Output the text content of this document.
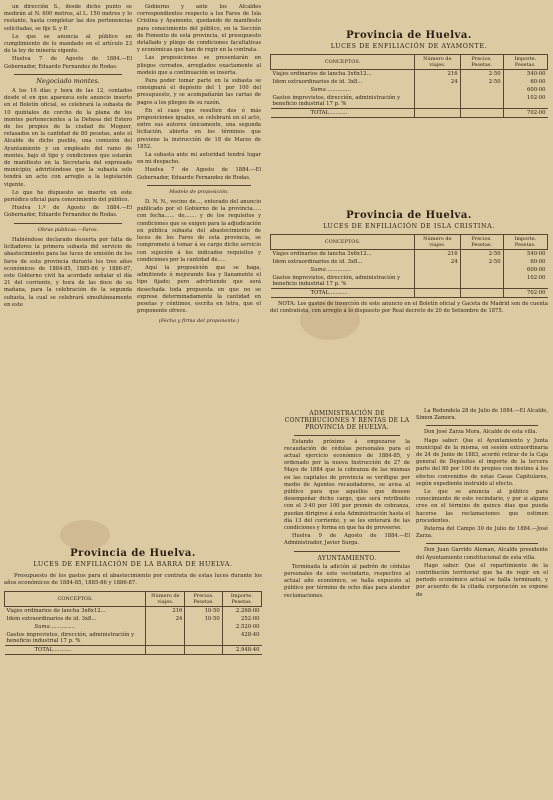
un dirección S., desde dicho punto se medirán al N. 600 metros, al L. 150 metros y lo restante, hasta completar las dos pertenencias solicitadas, se fije S. y P.

Lo que se anuncia al público en cumplimiento de lo mandado en el artículo 23 de la ley de minería vigente.

Huelva 7 de Agosto de 1884.—El Gobernador, Eduardo Fernandez de Rodas.

Negociado montes.

A los 10 días y hora de las 12, contados desde el en que aparezca este anuncio inserto en el Boletín oficial, se celebrará la subasta de 10 quintales de corcho de la plana de los montes pertenecientes a la Dehesa del Estero de los propios de la ciudad de Moguer, retasados en la cantidad de 80 pesetas, ante el Alcalde de dicho pueblo, una comisión del Ayuntamiento y un empleado del ramo de montes, bajo el tipo y condiciones que estarán de manifiesto en la Secretaría del expresado municipio; advirtiéndose que la subasta solo tendrá un acto con arreglo a la legislación vigente.

Lo que he dispuesto se inserte en este periódico oficial para conocimiento del público.

Huelva 1.º de Agosto de 1884.—El Gobernador, Eduardo Fernandez de Rodas.

Obras públicas.—Faros.

Habiéndose declarado desierta por falta de licitadores la primera subasta del servicio de abastecimiento para las luces de emisión de los faros de esta provincia durante los tres años económicos de 1884-85, 1885-86 y 1886-87, este Gobierno civil ha acordado señalar el día 21 del corriente, y hora de las doce de su mañana, para la celebración de la segunda subasta, la cual se celebrará simultáneamente en este

Gobierno y ante los Alcaldes correspondientes respecto a los Faros de Isla Cristina y Ayamonte, quedando de manifiesto para conocimiento del público, en la Sección de Fomento de esta provincia, el presupuesto detallado y pliego de condiciones facultativas y económicas que han de regir en la contrata.

Las proposiciones se presentarán en pliegos cerrados, arreglados exactamente al modelo que a continuación se inserta.

Para poder tomar parte en la subasta se consignará el depósito del 1 por 100 del presupuesto, y se acompañarán las cartas de pagos a los pliegos de su razón.

En el caso que resulten dos ó más proposiciones iguales, se celebrará en el acto, entre sus autores únicamente, una segunda licitación, abierta en los términos que previene la instrucción de 18 de Marzo de 1852.

La subasta ante mi autoridad tendrá lugar en mi despacho.

Huelva 7 de Agosto de 1884.—El Gobernador, Eduardo Fernandez de Rodas.

Modelo de proposición.

D. N. N., vecino de..., enterado del anuncio publicado por el Gobierno de la provincia..... con fecha...... de....... y de los requisitos y condiciones que se exigen para la adjudicación en pública subasta del abastecimiento de luces de los Faros de esta provincia, se compromete á tomar á su cargo dicho servicio con sujeción á los indicados requisitos y condiciones por la cantidad de.....

Aquí la proposición que se haga, admitiendo ó mejorando lisa y llanamente el tipo fijado; pero advirtiendo que será desechada toda propuesta en que no se exprese determinadamente la cantidad en pesetas y céntimos, escrita en letra, que el proponente ofrece.

(Fecha y firma del proponente.)
Provincia de Huelva.
LUCES DE ENFILIACIÓN DE LA BARRA DE HUELVA.
Presupuesto de los gastos para el abastecimiento por contrata de estas luces durante los años económicos de 1884-85, 1885-86 y 1886-87.
CONCEPTOS.	Número de viajes.	Precios. Pesetas.	Importe. Pesetas.
Viajes ordinarios de lancha 3x6x12...	216	10·50	2.268·00
Idem extraordinarios de id. 3x8...	24	10·50	252·00
Suma...............			2.520·00
Gastos imprevistos, dirección, administración y beneficio industrial 17 p. %			428·40
TOTAL...........			2.948·40
Provincia de Huelva.
LUCES DE ENFILIACIÓN DE AYAMONTE.
CONCEPTOS.	Número de viajes.	Precios. Pesetas.	Importe. Pesetas.
Viajes ordinarios de lancha 3x6x12...	216	2·50	540·00
Idem extraordinarios de id. 3x8...	24	2·50	60·00
Suma...............			600·00
Gastos imprevistos, dirección, administración y beneficio industrial 17 p. %			102·00
TOTAL...........			702·00
Provincia de Huelva.
LUCES DE ENFILIACIÓN DE ISLA CRISTINA.
CONCEPTOS.	Número de viajes.	Precios. Pesetas.	Importe. Pesetas.
Viajes ordinarios de lancha 3x6x12...	216	2·50	540·00
Idem extraordinarios de id. 3x8...	24	2·50	60·00
Suma...............			600·00
Gastos imprevistos, dirección, administración y beneficio industrial 17 p. %			102·00
TOTAL...........			702·00
NOTA: Los gastos de inserción de este anuncio en el Boletín oficial y Gaceta de Madrid son de cuenta del contratista, con arreglo á lo dispuesto por Real decreto de 20 de Setiembre de 1875.
ADMINISTRACIÓN DE CONTRIBUCIONES Y RENTAS DE LA PROVINCIA DE HUELVA.

Estando próximo á empezarse la recaudación de cédulas personales para el actual ejercicio económico de 1884-85, y ordenado por la nueva Instrucción de 27 de Mayo de 1884 que la cobranza de las mismas en las capitales de provincia se verifique por medio de Agentes recaudadores, se avisa al público para que aquellos que deseen desempeñar dicho cargo, que será retribuido con el 3·40 por 100 por premio de cobranza, puedan dirigirse á esta Administración hasta el día 13 del corriente, y se les enterará de las condiciones y forma en que ha de proveerse.

Huelva 9 de Agosto de 1884.—El Administrador, Javier Surga.

AYUNTAMIENTO.

Terminada la adición al padrón de cédulas personales de este vecindario, respectivo al actual año económico, se halla expuesto al público por término de ocho días para atender reclamaciones.

La Redondela 28 de Julio de 1884.—El Alcalde, Simon Zamora.

Don José Zarza Mora, Alcalde de esta villa.

Hago saber: Que el Ayuntamiento y Junta municipal de la misma, en sesión extraordinaria de 24 de Junio de 1883, acordó retirar de la Caja general de Depósitos el importe de la tercera parte del 80 por 100 de propios con destino á los efectos convenidos de estas Casas Capitulares, según expediente instruido al efecto.

Lo que se anuncia al público para conocimiento de este vecindario, y por si alguno cree en el término de quince días que pueda hacerse las reclamaciones que estimen procedentes.

Paterna del Campo 30 de Julio de 1884.—José Zarza.

Don Juan Garrido Aleman, Alcalde presidente del Ayuntamiento constitucional de esta villa.

Hago saber: Que el repartimiento de la contribución territorial que ha de regir en el periodo económico actual se halla terminado, y por acuerdo de la citada corporación se expone de
